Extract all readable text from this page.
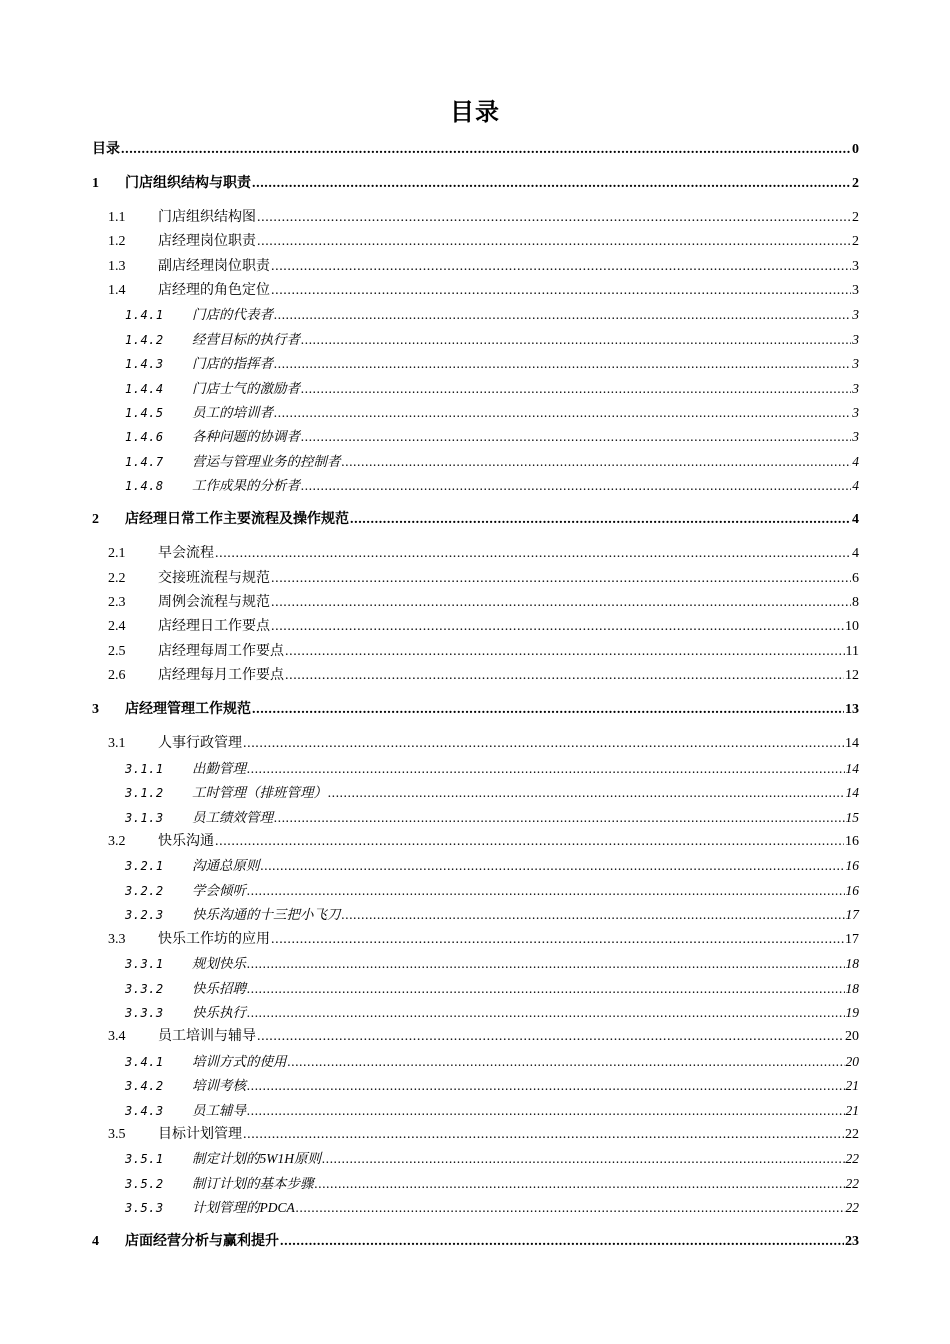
目录
目录 .....	0
1	门店组织结构与职责 .....	2
1.1	门店组织结构图 .....	2
1.2	店经理岗位职责 .....	2
1.3	副店经理岗位职责 .....	3
1.4	店经理的角色定位 .....	3
1.4.1	门店的代表者 .....	3
1.4.2	经营目标的执行者 .....	3
1.4.3	门店的指挥者 .....	3
1.4.4	门店士气的激励者 .....	3
1.4.5	员工的培训者 .....	3
1.4.6	各种问题的协调者 .....	3
1.4.7	营运与管理业务的控制者 .....	4
1.4.8	工作成果的分析者 .....	4
2	店经理日常工作主要流程及操作规范 .....	4
2.1	早会流程 .....	4
2.2	交接班流程与规范 .....	6
2.3	周例会流程与规范 .....	8
2.4	店经理日工作要点 .....	10
2.5	店经理每周工作要点 .....	11
2.6	店经理每月工作要点 .....	12
3	店经理管理工作规范 .....	13
3.1	人事行政管理 .....	14
3.1.1	出勤管理 .....	14
3.1.2	工时管理（排班管理） .....	14
3.1.3	员工绩效管理 .....	15
3.2	快乐沟通 .....	16
3.2.1	沟通总原则 .....	16
3.2.2	学会倾听 .....	16
3.2.3	快乐沟通的十三把小飞刀 .....	17
3.3	快乐工作坊的应用 .....	17
3.3.1	规划快乐 .....	18
3.3.2	快乐招聘 .....	18
3.3.3	快乐执行 .....	19
3.4	员工培训与辅导 .....	20
3.4.1	培训方式的使用 .....	20
3.4.2	培训考核 .....	21
3.4.3	员工辅导 .....	21
3.5	目标计划管理 .....	22
3.5.1	制定计划的5W1H原则 .....	22
3.5.2	制订计划的基本步骤 .....	22
3.5.3	计划管理的PDCA .....	22
4	店面经营分析与赢利提升 .....	23
